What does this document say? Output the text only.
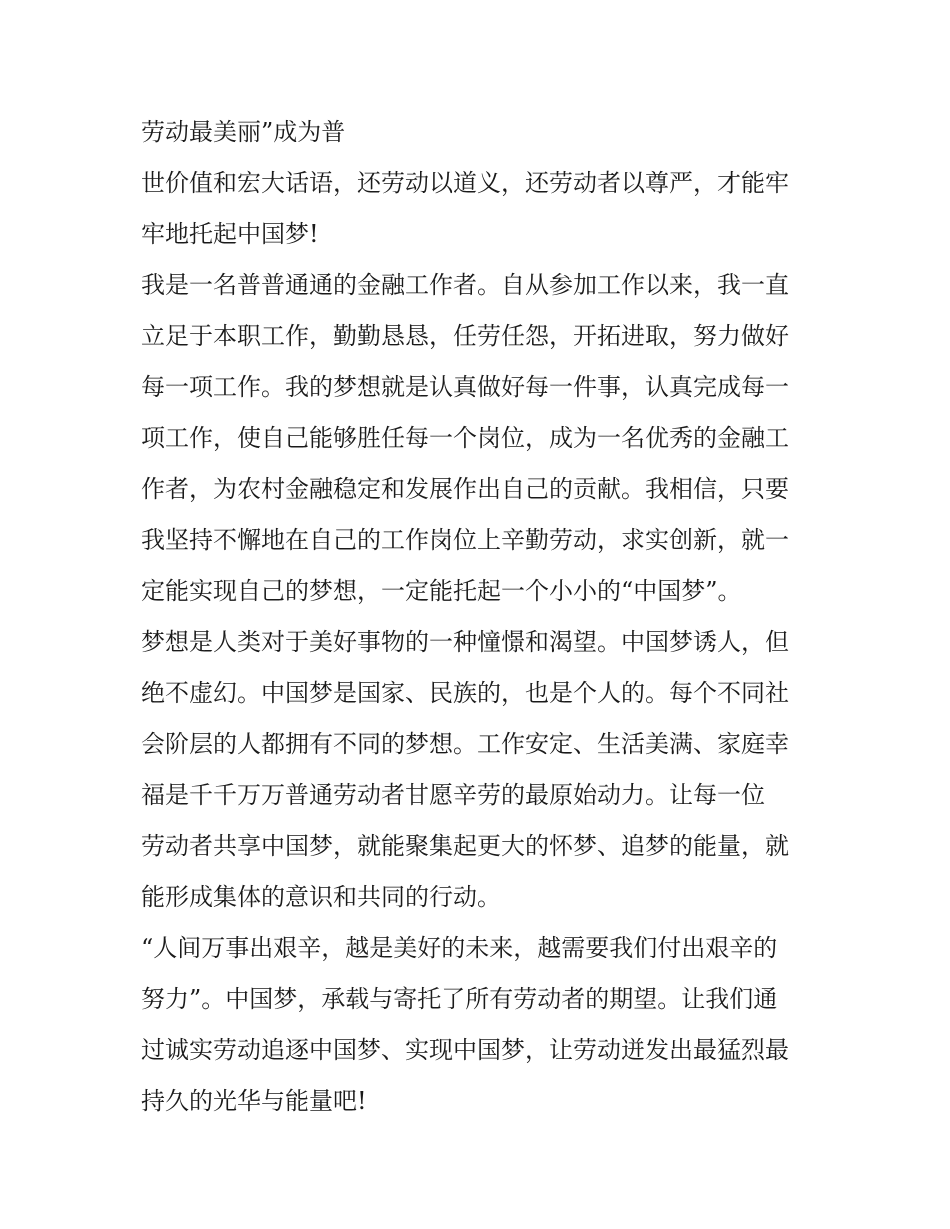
劳动最美丽”成为普
世价值和宏大话语，还劳动以道义，还劳动者以尊严，才能牢
牢地托起中国梦!
我是一名普普通通的金融工作者。自从参加工作以来，我一直
立足于本职工作，勤勤恳恳，任劳任怨，开拓进取，努力做好
每一项工作。我的梦想就是认真做好每一件事，认真完成每一
项工作，使自己能够胜任每一个岗位，成为一名优秀的金融工
作者，为农村金融稳定和发展作出自己的贡献。我相信，只要
我坚持不懈地在自己的工作岗位上辛勤劳动，求实创新，就一
定能实现自己的梦想，一定能托起一个小小的“中国梦”。
梦想是人类对于美好事物的一种憧憬和渴望。中国梦诱人，但
绝不虚幻。中国梦是国家、民族的，也是个人的。每个不同社
会阶层的人都拥有不同的梦想。工作安定、生活美满、家庭幸
福是千千万万普通劳动者甘愿辛劳的最原始动力。让每一位
劳动者共享中国梦，就能聚集起更大的怀梦、追梦的能量，就
能形成集体的意识和共同的行动。
“人间万事出艰辛，越是美好的未来，越需要我们付出艰辛的
努力”。中国梦，承载与寄托了所有劳动者的期望。让我们通
过诚实劳动追逐中国梦、实现中国梦，让劳动迸发出最猛烈最
持久的光华与能量吧!
